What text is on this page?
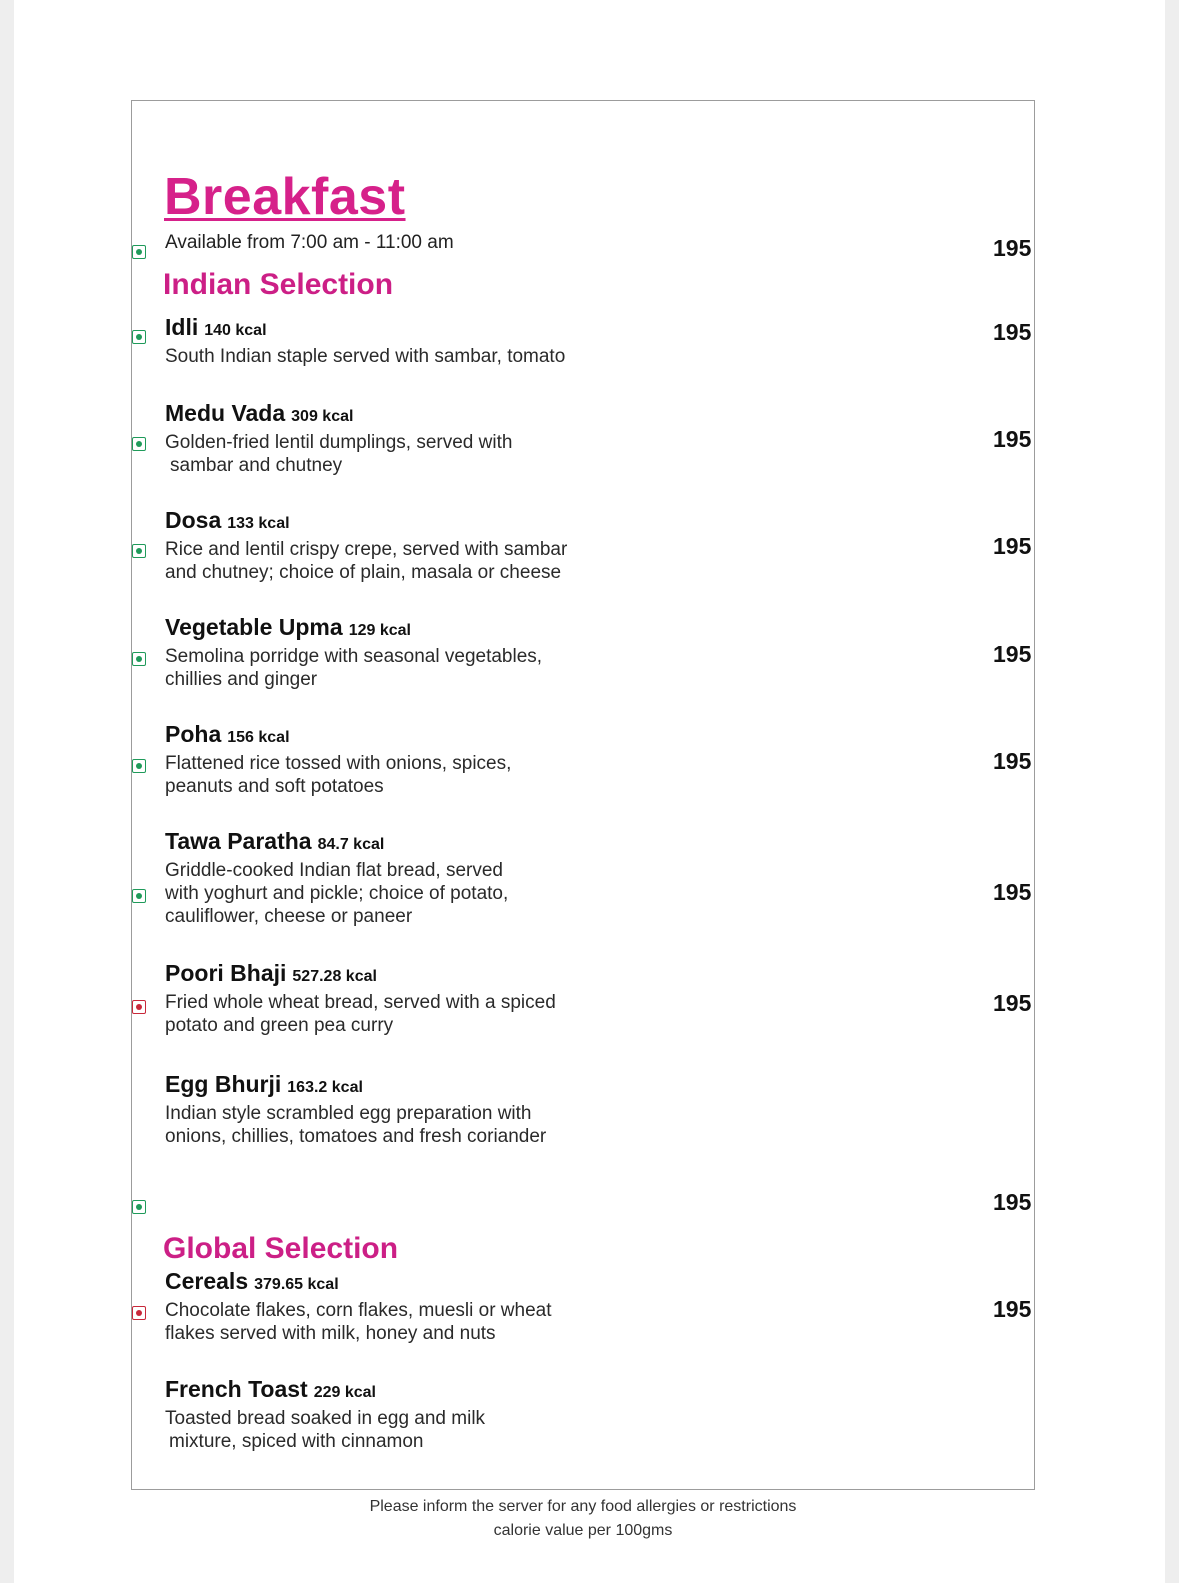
Breakfast
Available from 7:00 am - 11:00 am
Indian Selection
Global Selection
Idli 140 kcal
South Indian staple served with sambar, tomato
Medu Vada 309 kcal
Golden-fried lentil dumplings, served with
sambar and chutney
Dosa 133 kcal
Rice and lentil crispy crepe, served with sambar
and chutney; choice of plain, masala or cheese
Vegetable Upma 129 kcal
Semolina porridge with seasonal vegetables,
chillies and ginger
Poha 156 kcal
Flattened rice tossed with onions, spices,
peanuts and soft potatoes
Tawa Paratha 84.7 kcal
Griddle-cooked Indian flat bread, served
with yoghurt and pickle; choice of potato,
cauliflower, cheese or paneer
Poori Bhaji 527.28 kcal
Fried whole wheat bread, served with a spiced
potato and green pea curry
Egg Bhurji 163.2 kcal
Indian style scrambled egg preparation with
onions, chillies, tomatoes and fresh coriander
Cereals 379.65 kcal
Chocolate flakes, corn flakes, muesli or wheat
flakes served with milk, honey and nuts
French Toast 229 kcal
Toasted bread soaked in egg and milk
mixture, spiced with cinnamon
195
195
195
195
195
195
195
195
195
195
Please inform the server for any food allergies or restrictions
calorie value per 100gms
